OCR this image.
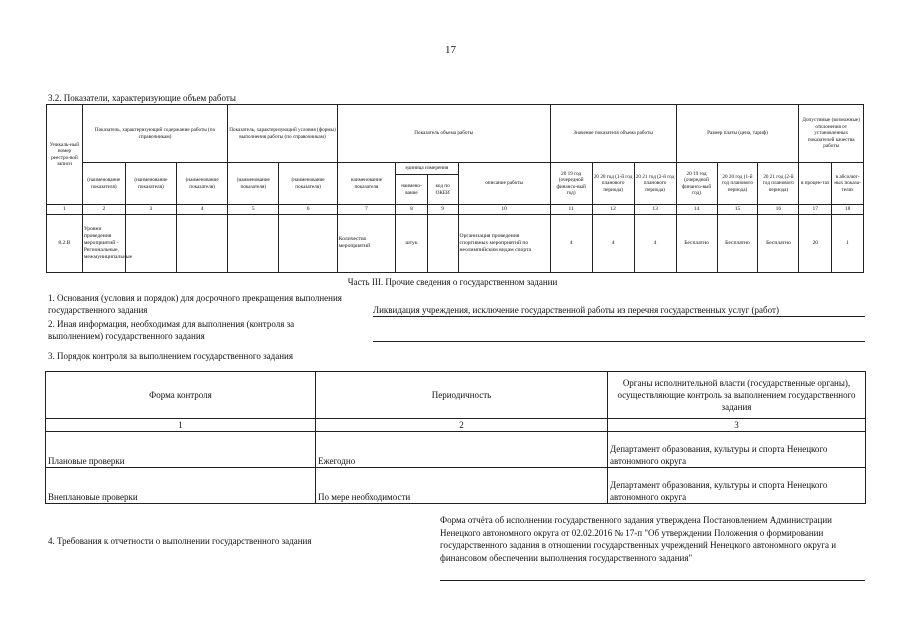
17
3.2. Показатели, характеризующие объем работы
Уникаль-ный номер реестро-вой записи	Показатель, характеризующий содержание работы (по справочникам)			Показатель, характеризующий условия (формы) выполнения работы (по справочникам)		Показатель объема работы				Значение показателя объема работы			Размер платы (цена, тариф)			Допустимые (возможные) отклонения от установленных показателей качества работы	
	(наименование показателя)	(наименование показателя)	(наименование показателя)	(наименование показателя)	(наименование показателя)	наименование показателя	единица измерения		описание работы	20 19 год (очередной финансо-вый год)	20 20 год (1-й год планового периода)	20 21 год (2-й год планового периода)	20 19 год (очередной финансо-вый год)	20 20 год (1-й год планового периода)	20 21 год (2-й год планового периода)	в процен-тах	в абсолют-ных показа-телях
							наимено-вание	код по ОКЕИ									
1	2	3	4	5	6	7	8	9	10	11	12	13	14	15	16	17	18
8.2.В	Уровни проведения мероприятий - Региональные, межмуниципальные					Количество мероприятий	штук		Организация проведения спортивных мероприятий по неолимпийским видам спорта	4	4	4	Бесплатно	Бесплатно	Бесплатно	20	1
Часть III. Прочие сведения о государственном задании
1. Основания (условия и порядок) для досрочного прекращения выполнения государственного задания	Ликвидация учреждения, исключение государственной работы из перечня государственных услуг (работ)
2. Иная информация, необходимая для выполнения (контроля за выполнением) государственного задания
3. Порядок контроля за выполнением государственного задания
Форма контроля	Периодичность	Органы исполнительной власти (государственные органы), осуществляющие контроль за выполнением государственного задания
1	2	3
Плановые проверки	Ежегодно	Департамент образования, культуры и спорта Ненецкого автономного округа
Внеплановые проверки	По мере необходимости	Департамент образования, культуры и спорта Ненецкого автономного округа
4. Требования к отчетности о выполнении государственного задания
Форма отчёта об исполнении государственного задания утверждена Постановлением Администрации Ненецкого автономного округа от 02.02.2016 № 17-п "Об утверждении Положения о формировании государственного задания в отношении государственных учреждений Ненецкого автономного округа и финансовом обеспечении выполнения государственного задания"
